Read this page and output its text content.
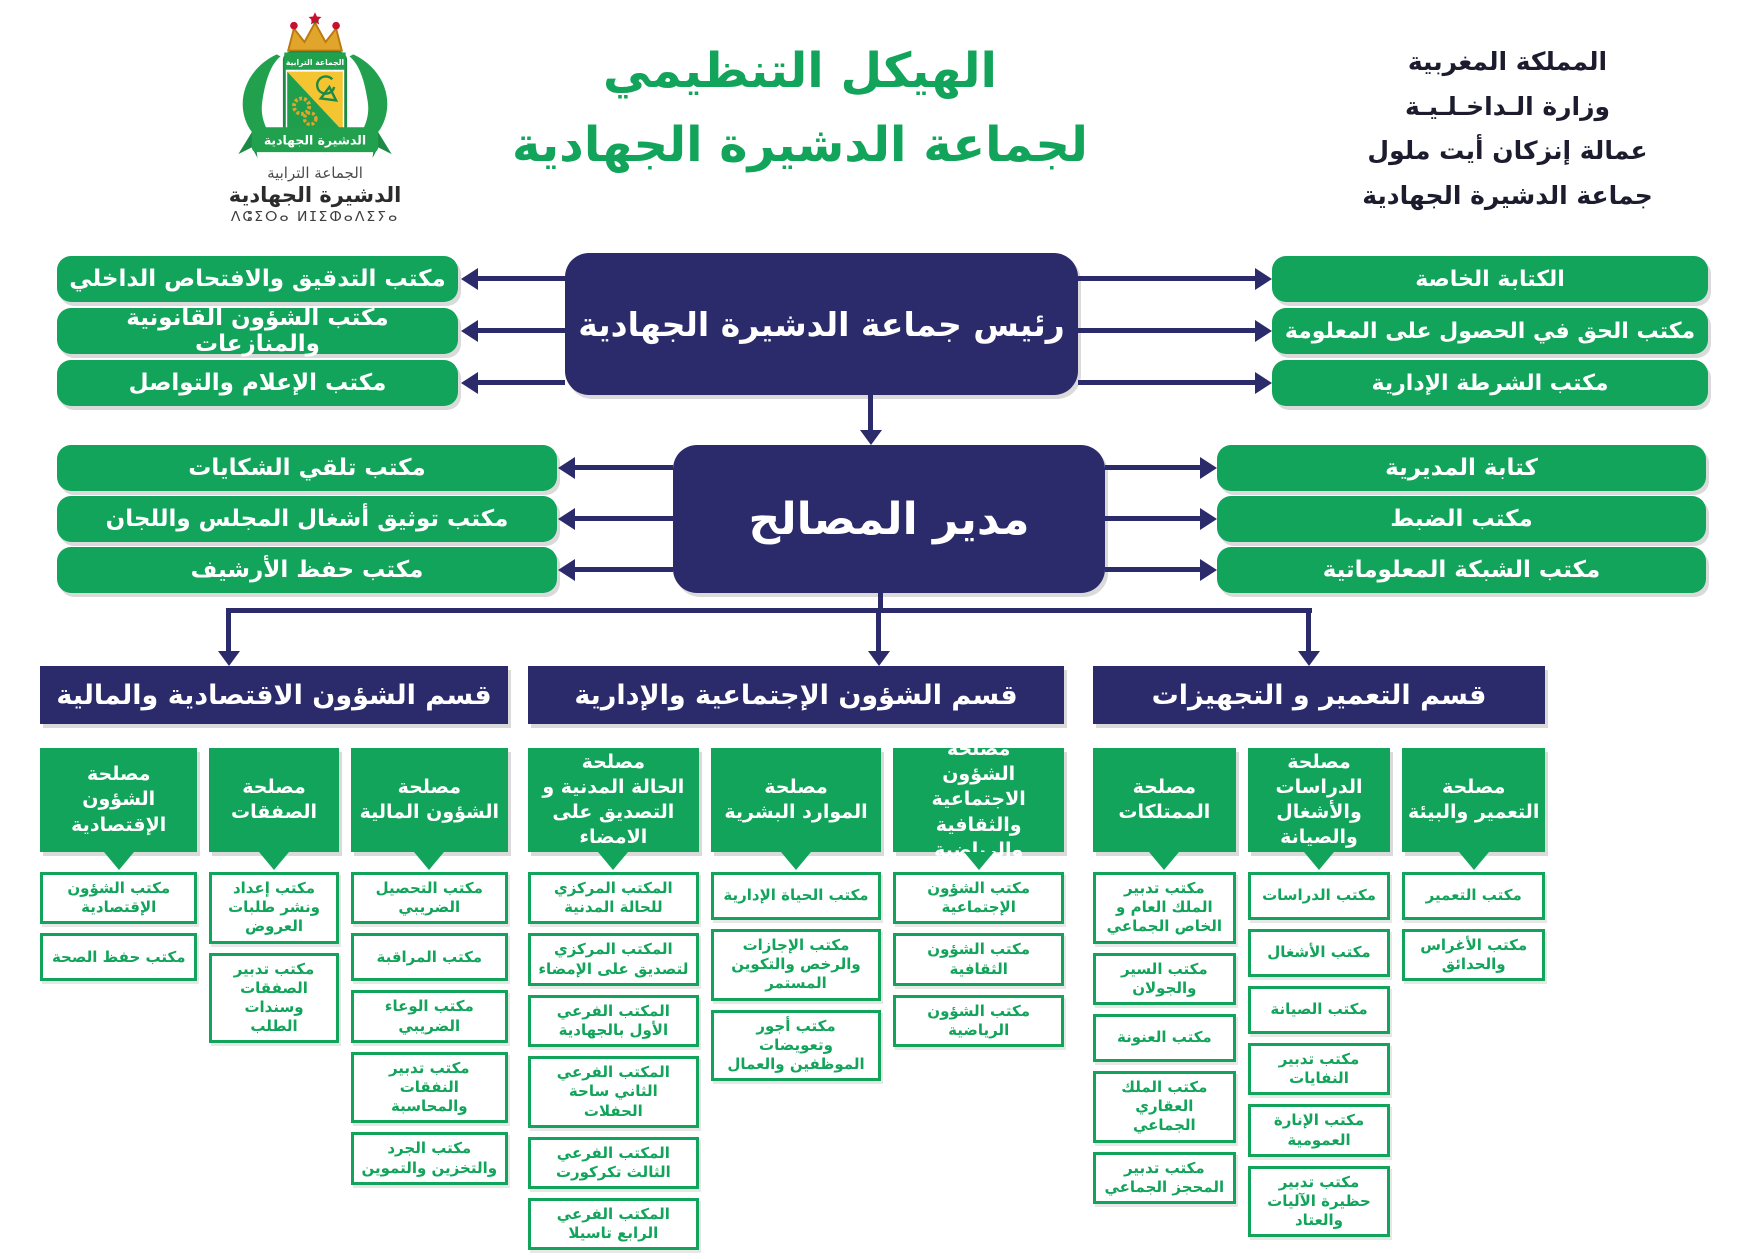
الجماعة الترابية
الدشيرة الجهادية
الجماعة الترابية
الدشيرة الجهادية
ⴷⵛⵉⵔⴰ ⵍⵊⵉⵀⴰⴷⵉⵢⴰ
الهيكل التنظيمي
لجماعة الدشيرة الجهادية
المملكة المغربية
وزارة الـداخـلـيـة
عمالة إنزكان أيت ملول
جماعة الدشيرة الجهادية
رئيس جماعة الدشيرة الجهادية
مكتب التدقيق والافتحاص الداخلي
مكتب الشؤون القانونية والمنازعات
مكتب الإعلام والتواصل
الكتابة الخاصة
مكتب الحق في الحصول على المعلومة
مكتب الشرطة الإدارية
مدير المصالح
مكتب تلقي الشكايات
مكتب توثيق أشغال المجلس واللجان
مكتب حفظ الأرشيف
كتابة المديرية
مكتب الضبط
مكتب الشبكة المعلوماتية
قسم الشؤون الاقتصادية والمالية
مصلحة
الشؤون الإقتصادية
مكتب الشؤون الإقتصادية
مكتب حفظ الصحة
مصلحة
الصفقات
مكتب إعداد ونشر طلبات العروض
مكتب تدبير الصفقات وسندات الطلب
مصلحة
الشؤون المالية
مكتب التحصيل الضريبي
مكتب المراقبة
مكتب الوعاء الضريبي
مكتب تدبير النفقات والمحاسبة
مكتب الجرد والتخزين والتموين
قسم الشؤون الإجتماعية والإدارية
مصلحة
الحالة المدنية و التصديق على الامضاء
المكتب المركزي للحالة المدنية
المكتب المركزي لتصديق على الإمضاء
المكتب الفرعي الأول بالجهادية
المكتب الفرعي الثاني ساحة الحفلات
المكتب الفرعي الثالث تكركورت
المكتب الفرعي الرابع تاسيلا
مصلحة
الموارد البشرية
مكتب الحياة الإدارية
مكتب الإجازات والرخص والتكوين المستمر
مكتب أجور وتعويضات الموظفين والعمال
مصلحة
الشؤون الاجتماعية والثقافية والرياضية
مكتب الشؤون الإجتماعية
مكتب الشؤون الثقافية
مكتب الشؤون الرياضية
قسم التعمير و التجهيزات
مصلحة
الممتلكات
مكتب تدبير الملك العام و الخاص الجماعي
مكتب السير والجولان
مكتب العنونة
مكتب الملك العقاري الجماعي
مكتب تدبير المحجز الجماعي
مصلحة
الدراسات والأشغال والصيانة
مكتب الدراسات
مكتب الأشغال
مكتب الصيانة
مكتب تدبير النفايات
مكتب الإنارة العمومية
مكتب تدبير حظيرة الآليات والعتاد
مصلحة
التعمير والبيئة
مكتب التعمير
مكتب الأغراس والحدائق
